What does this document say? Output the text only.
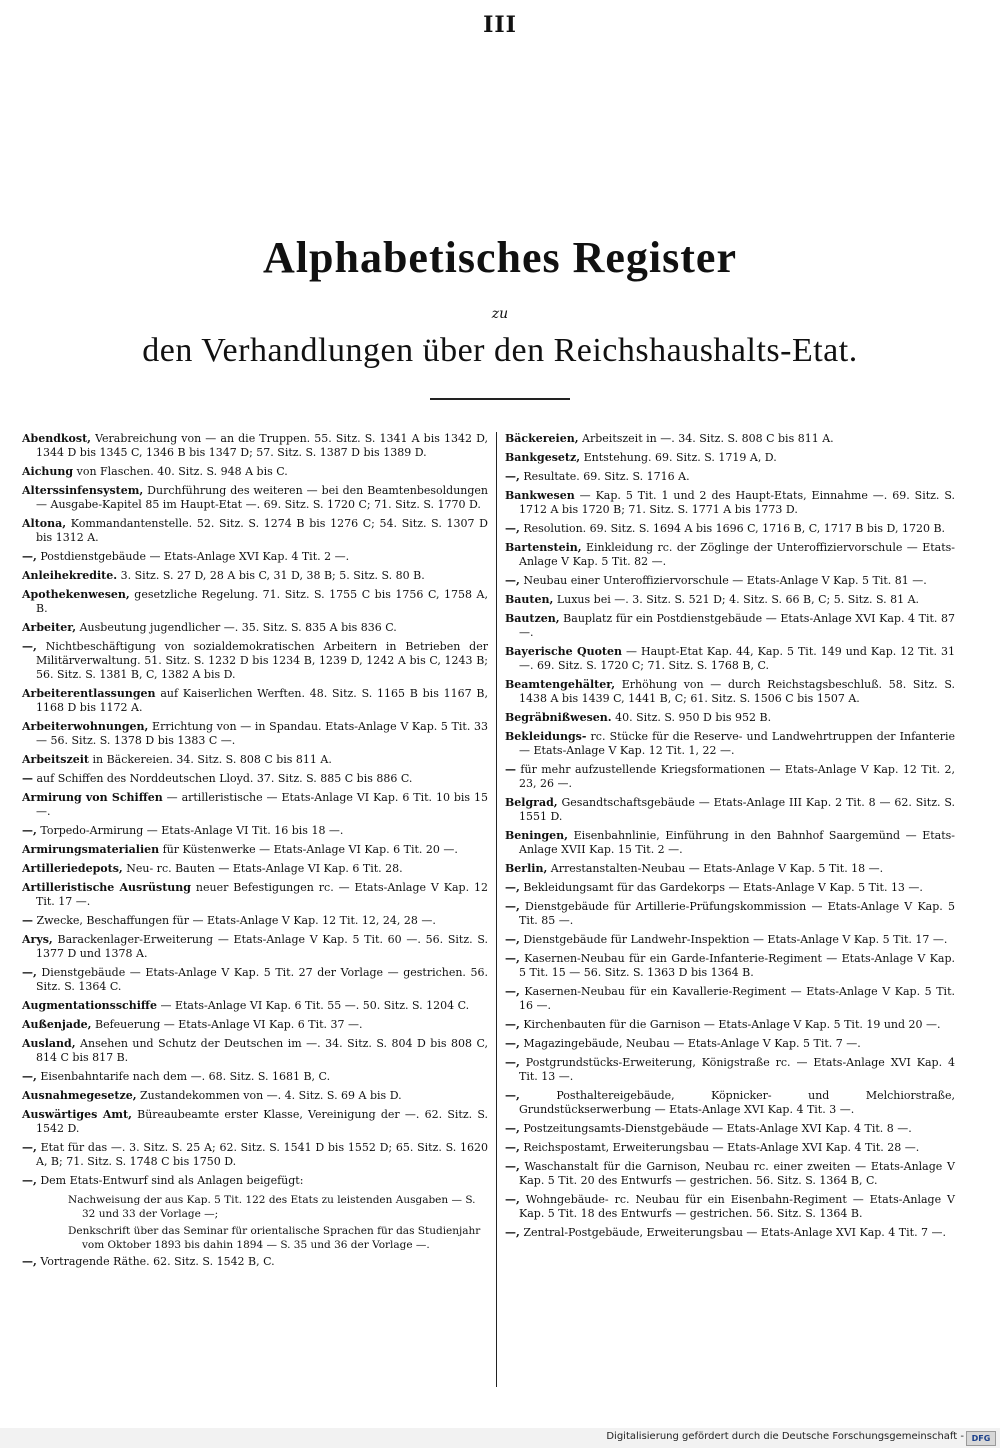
III
Alphabetisches Register
zu
den Verhandlungen über den Reichshaushalts-Etat.

Abendkost, Verabreichung von — an die Truppen. 55. Sitz. S. 1341 A bis 1342 D, 1344 D bis 1345 C, 1346 B bis 1347 D; 57. Sitz. S. 1387 D bis 1389 D.

Aichung von Flaschen. 40. Sitz. S. 948 A bis C.

Alterssinfensystem, Durchführung des weiteren — bei den Beamtenbesoldungen — Ausgabe-Kapitel 85 im Haupt-Etat —. 69. Sitz. S. 1720 C; 71. Sitz. S. 1770 D.

Altona, Kommandantenstelle. 52. Sitz. S. 1274 B bis 1276 C; 54. Sitz. S. 1307 D bis 1312 A.

—, Postdienstgebäude — Etats-Anlage XVI Kap. 4 Tit. 2 —.

Anleihekredite. 3. Sitz. S. 27 D, 28 A bis C, 31 D, 38 B; 5. Sitz. S. 80 B.

Apothekenwesen, gesetzliche Regelung. 71. Sitz. S. 1755 C bis 1756 C, 1758 A, B.

Arbeiter, Ausbeutung jugendlicher —. 35. Sitz. S. 835 A bis 836 C.

—, Nichtbeschäftigung von sozialdemokratischen Arbeitern in Betrieben der Militärverwaltung. 51. Sitz. S. 1232 D bis 1234 B, 1239 D, 1242 A bis C, 1243 B; 56. Sitz. S. 1381 B, C, 1382 A bis D.

Arbeiterentlassungen auf Kaiserlichen Werften. 48. Sitz. S. 1165 B bis 1167 B, 1168 D bis 1172 A.

Arbeiterwohnungen, Errichtung von — in Spandau. Etats-Anlage V Kap. 5 Tit. 33 — 56. Sitz. S. 1378 D bis 1383 C —.

Arbeitszeit in Bäckereien. 34. Sitz. S. 808 C bis 811 A.

— auf Schiffen des Norddeutschen Lloyd. 37. Sitz. S. 885 C bis 886 C.

Armirung von Schiffen — artilleristische — Etats-Anlage VI Kap. 6 Tit. 10 bis 15 —.

—, Torpedo-Armirung — Etats-Anlage VI Tit. 16 bis 18 —.

Armirungsmaterialien für Küstenwerke — Etats-Anlage VI Kap. 6 Tit. 20 —.

Artilleriedepots, Neu- rc. Bauten — Etats-Anlage VI Kap. 6 Tit. 28.

Artilleristische Ausrüstung neuer Befestigungen rc. — Etats-Anlage V Kap. 12 Tit. 17 —.

— Zwecke, Beschaffungen für — Etats-Anlage V Kap. 12 Tit. 12, 24, 28 —.

Arys, Barackenlager-Erweiterung — Etats-Anlage V Kap. 5 Tit. 60 —. 56. Sitz. S. 1377 D und 1378 A.

—, Dienstgebäude — Etats-Anlage V Kap. 5 Tit. 27 der Vorlage — gestrichen. 56. Sitz. S. 1364 C.

Augmentationsschiffe — Etats-Anlage VI Kap. 6 Tit. 55 —. 50. Sitz. S. 1204 C.

Außenjade, Befeuerung — Etats-Anlage VI Kap. 6 Tit. 37 —.

Ausland, Ansehen und Schutz der Deutschen im —. 34. Sitz. S. 804 D bis 808 C, 814 C bis 817 B.

—, Eisenbahntarife nach dem —. 68. Sitz. S. 1681 B, C.

Ausnahmegesetze, Zustandekommen von —. 4. Sitz. S. 69 A bis D.

Auswärtiges Amt, Büreaubeamte erster Klasse, Vereinigung der —. 62. Sitz. S. 1542 D.

—, Etat für das —. 3. Sitz. S. 25 A; 62. Sitz. S. 1541 D bis 1552 D; 65. Sitz. S. 1620 A, B; 71. Sitz. S. 1748 C bis 1750 D.

—, Dem Etats-Entwurf sind als Anlagen beigefügt:

Nachweisung der aus Kap. 5 Tit. 122 des Etats zu leistenden Ausgaben — S. 32 und 33 der Vorlage —;

Denkschrift über das Seminar für orientalische Sprachen für das Studienjahr vom Oktober 1893 bis dahin 1894 — S. 35 und 36 der Vorlage —.

—, Vortragende Räthe. 62. Sitz. S. 1542 B, C.

Bäckereien, Arbeitszeit in —. 34. Sitz. S. 808 C bis 811 A.

Bankgesetz, Entstehung. 69. Sitz. S. 1719 A, D.

—, Resultate. 69. Sitz. S. 1716 A.

Bankwesen — Kap. 5 Tit. 1 und 2 des Haupt-Etats, Einnahme —. 69. Sitz. S. 1712 A bis 1720 B; 71. Sitz. S. 1771 A bis 1773 D.

—, Resolution. 69. Sitz. S. 1694 A bis 1696 C, 1716 B, C, 1717 B bis D, 1720 B.

Bartenstein, Einkleidung rc. der Zöglinge der Unteroffiziervorschule — Etats-Anlage V Kap. 5 Tit. 82 —.

—, Neubau einer Unteroffiziervorschule — Etats-Anlage V Kap. 5 Tit. 81 —.

Bauten, Luxus bei —. 3. Sitz. S. 521 D; 4. Sitz. S. 66 B, C; 5. Sitz. S. 81 A.

Bautzen, Bauplatz für ein Postdienstgebäude — Etats-Anlage XVI Kap. 4 Tit. 87 —.

Bayerische Quoten — Haupt-Etat Kap. 44, Kap. 5 Tit. 149 und Kap. 12 Tit. 31 —. 69. Sitz. S. 1720 C; 71. Sitz. S. 1768 B, C.

Beamtengehälter, Erhöhung von — durch Reichstagsbeschluß. 58. Sitz. S. 1438 A bis 1439 C, 1441 B, C; 61. Sitz. S. 1506 C bis 1507 A.

Begräbnißwesen. 40. Sitz. S. 950 D bis 952 B.

Bekleidungs- rc. Stücke für die Reserve- und Landwehrtruppen der Infanterie — Etats-Anlage V Kap. 12 Tit. 1, 22 —.

— für mehr aufzustellende Kriegsformationen — Etats-Anlage V Kap. 12 Tit. 2, 23, 26 —.

Belgrad, Gesandtschaftsgebäude — Etats-Anlage III Kap. 2 Tit. 8 — 62. Sitz. S. 1551 D.

Beningen, Eisenbahnlinie, Einführung in den Bahnhof Saargemünd — Etats-Anlage XVII Kap. 15 Tit. 2 —.

Berlin, Arrestanstalten-Neubau — Etats-Anlage V Kap. 5 Tit. 18 —.

—, Bekleidungsamt für das Gardekorps — Etats-Anlage V Kap. 5 Tit. 13 —.

—, Dienstgebäude für Artillerie-Prüfungskommission — Etats-Anlage V Kap. 5 Tit. 85 —.

—, Dienstgebäude für Landwehr-Inspektion — Etats-Anlage V Kap. 5 Tit. 17 —.

—, Kasernen-Neubau für ein Garde-Infanterie-Regiment — Etats-Anlage V Kap. 5 Tit. 15 — 56. Sitz. S. 1363 D bis 1364 B.

—, Kasernen-Neubau für ein Kavallerie-Regiment — Etats-Anlage V Kap. 5 Tit. 16 —.

—, Kirchenbauten für die Garnison — Etats-Anlage V Kap. 5 Tit. 19 und 20 —.

—, Magazingebäude, Neubau — Etats-Anlage V Kap. 5 Tit. 7 —.

—, Postgrundstücks-Erweiterung, Königstraße rc. — Etats-Anlage XVI Kap. 4 Tit. 13 —.

—, Posthaltereigebäude, Köpnicker- und Melchiorstraße, Grundstückserwerbung — Etats-Anlage XVI Kap. 4 Tit. 3 —.

—, Postzeitungsamts-Dienstgebäude — Etats-Anlage XVI Kap. 4 Tit. 8 —.

—, Reichspostamt, Erweiterungsbau — Etats-Anlage XVI Kap. 4 Tit. 28 —.

—, Waschanstalt für die Garnison, Neubau rc. einer zweiten — Etats-Anlage V Kap. 5 Tit. 20 des Entwurfs — gestrichen. 56. Sitz. S. 1364 B, C.

—, Wohngebäude- rc. Neubau für ein Eisenbahn-Regiment — Etats-Anlage V Kap. 5 Tit. 18 des Entwurfs — gestrichen. 56. Sitz. S. 1364 B.

—, Zentral-Postgebäude, Erweiterungsbau — Etats-Anlage XVI Kap. 4 Tit. 7 —.

Digitalisierung gefördert durch die Deutsche Forschungsgemeinschaft - DFG
